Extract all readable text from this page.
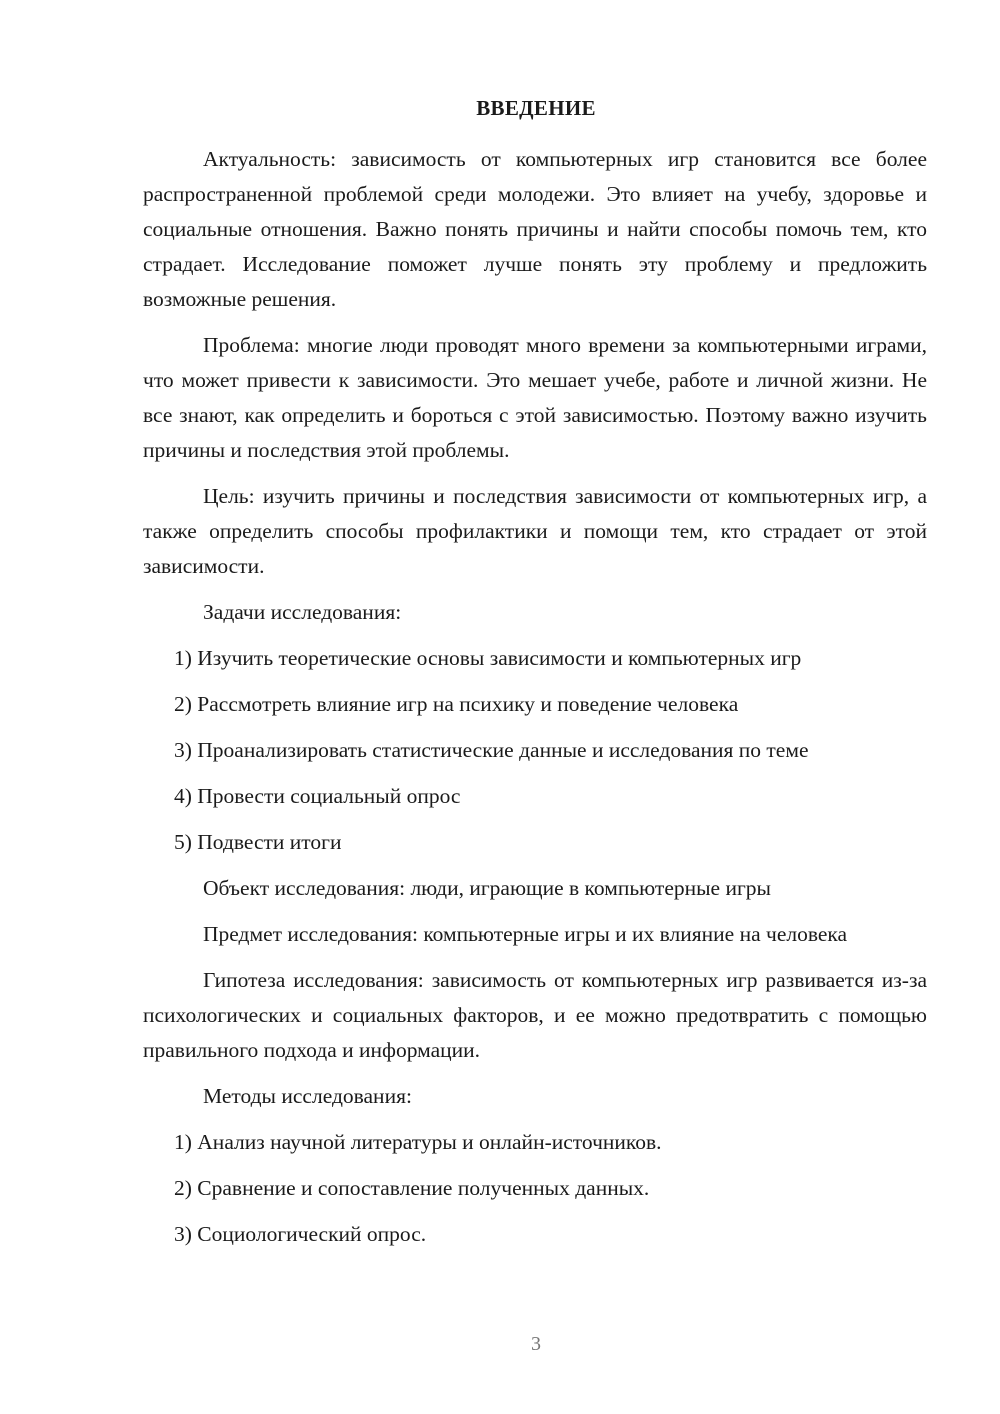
ВВЕДЕНИЕ

Актуальность: зависимость от компьютерных игр становится все более распространенной проблемой среди молодежи. Это влияет на учебу, здоровье и социальные отношения. Важно понять причины и найти способы помочь тем, кто страдает. Исследование поможет лучше понять эту проблему и предложить возможные решения.

Проблема: многие люди проводят много времени за компьютерными играми, что может привести к зависимости. Это мешает учебе, работе и личной жизни. Не все знают, как определить и бороться с этой зависимостью. Поэтому важно изучить причины и последствия этой проблемы.

Цель: изучить причины и последствия зависимости от компьютерных игр, а также определить способы профилактики и помощи тем, кто страдает от этой зависимости.

Задачи исследования:

1) Изучить теоретические основы зависимости и компьютерных игр

2) Рассмотреть влияние игр на психику и поведение человека

3) Проанализировать статистические данные и исследования по теме

4) Провести социальный опрос

5) Подвести итоги

Объект исследования: люди, играющие в компьютерные игры

Предмет исследования: компьютерные игры и их влияние на человека

Гипотеза исследования: зависимость от компьютерных игр развивается из-за психологических и социальных факторов, и ее можно предотвратить с помощью правильного подхода и информации.

Методы исследования:

1) Анализ научной литературы и онлайн-источников.

2) Сравнение и сопоставление полученных данных.

3) Социологический опрос.

3
